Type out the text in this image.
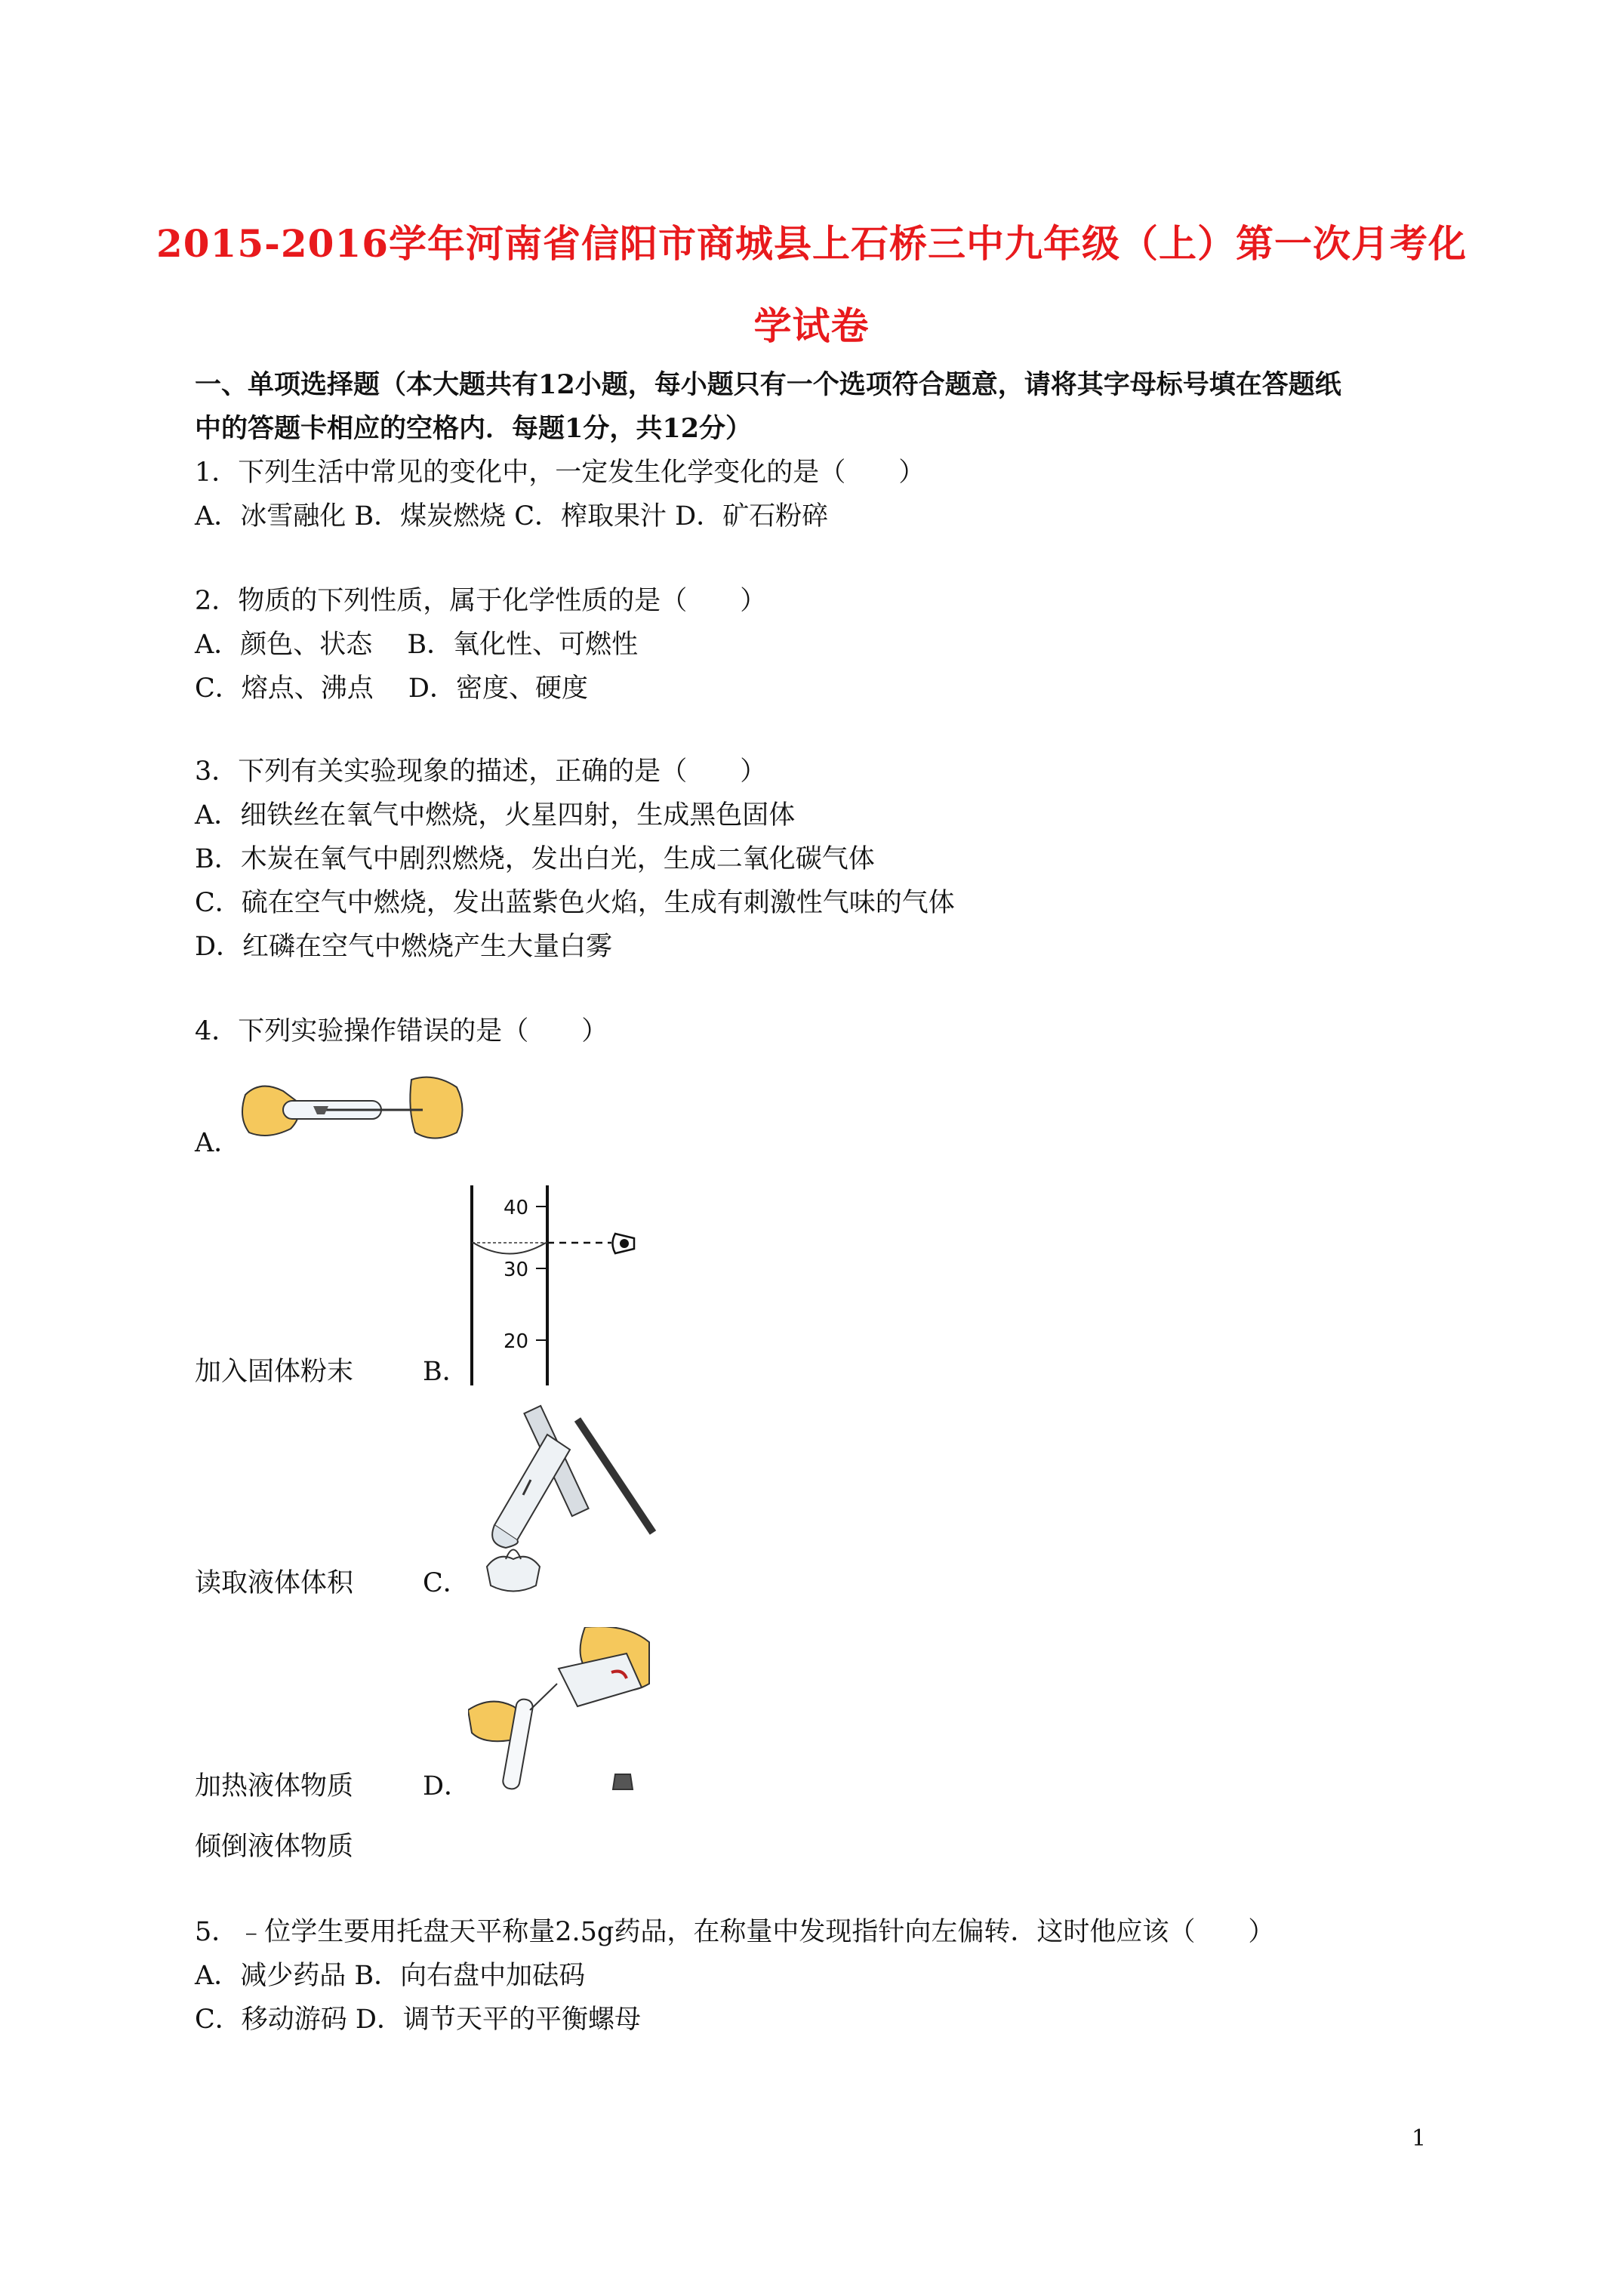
2015-2016学年河南省信阳市商城县上石桥三中九年级（上）第一次月考化
学试卷
一、单项选择题（本大题共有12小题，每小题只有一个选项符合题意，请将其字母标号填在答题纸
中的答题卡相应的空格内．每题1分，共12分）
1．下列生活中常见的变化中，一定发生化学变化的是（　　）
A．冰雪融化 B．煤炭燃烧 C．榨取果汁 D．矿石粉碎
2．物质的下列性质，属于化学性质的是（　　）
A．颜色、状态　 B．氧化性、可燃性
C．熔点、沸点　 D．密度、硬度
3．下列有关实验现象的描述，正确的是（　　）
A．细铁丝在氧气中燃烧，火星四射，生成黑色固体
B．木炭在氧气中剧烈燃烧，发出白光，生成二氧化碳气体
C．硫在空气中燃烧，发出蓝紫色火焰，生成有刺激性气味的气体
D．红磷在空气中燃烧产生大量白雾
4．下列实验操作错误的是（　　）
A．
40
30
20
加入固体粉末	B．
读取液体体积	C．
加热液体物质	D．
倾倒液体物质
5．﹣位学生要用托盘天平称量2.5g药品，在称量中发现指针向左偏转．这时他应该（　　）
A．减少药品 B．向右盘中加砝码
C．移动游码 D．调节天平的平衡螺母
1
